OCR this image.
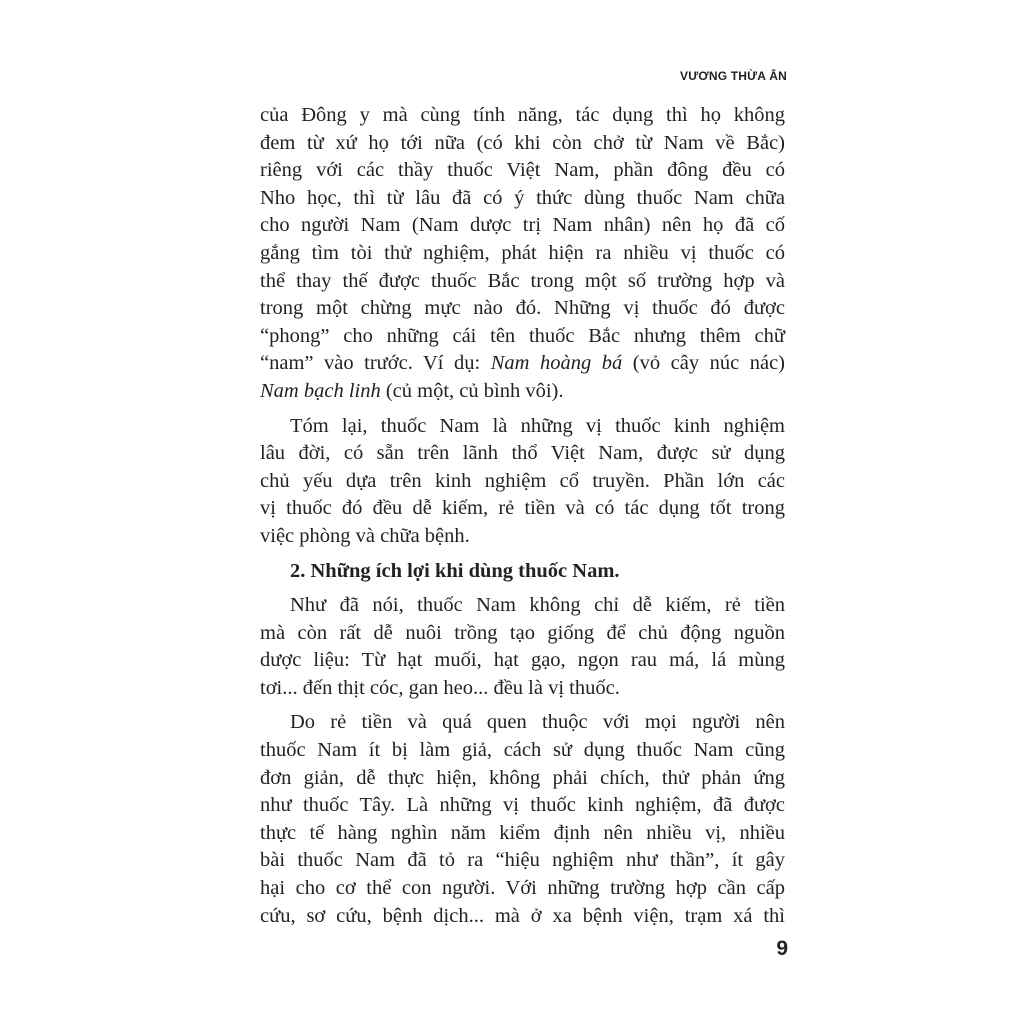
VƯƠNG THỪA ÂN

của Đông y mà cùng tính năng, tác dụng thì họ không
đem từ xứ họ tới nữa (có khi còn chở từ Nam về Bắc)
riêng với các thầy thuốc Việt Nam, phần đông đều có
Nho học, thì từ lâu đã có ý thức dùng thuốc Nam chữa
cho người Nam (Nam dược trị Nam nhân) nên họ đã cố
gắng tìm tòi thử nghiệm, phát hiện ra nhiều vị thuốc có
thể thay thế được thuốc Bắc trong một số trường hợp và
trong một chừng mực nào đó. Những vị thuốc đó được
“phong” cho những cái tên thuốc Bắc nhưng thêm chữ
“nam” vào trước. Ví dụ: Nam hoàng bá (vỏ cây núc nác)
Nam bạch linh (củ một, củ bình vôi).

Tóm lại, thuốc Nam là những vị thuốc kinh nghiệm
lâu đời, có sẵn trên lãnh thổ Việt Nam, được sử dụng
chủ yếu dựa trên kinh nghiệm cổ truyền. Phần lớn các
vị thuốc đó đều dễ kiếm, rẻ tiền và có tác dụng tốt trong
việc phòng và chữa bệnh.

2. Những ích lợi khi dùng thuốc Nam.

Như đã nói, thuốc Nam không chỉ dễ kiếm, rẻ tiền
mà còn rất dễ nuôi trồng tạo giống để chủ động nguồn
dược liệu: Từ hạt muối, hạt gạo, ngọn rau má, lá mùng
tơi... đến thịt cóc, gan heo... đều là vị thuốc.

Do rẻ tiền và quá quen thuộc với mọi người nên
thuốc Nam ít bị làm giả, cách sử dụng thuốc Nam cũng
đơn giản, dễ thực hiện, không phải chích, thử phản ứng
như thuốc Tây. Là những vị thuốc kinh nghiệm, đã được
thực tế hàng nghìn năm kiểm định nên nhiều vị, nhiều
bài thuốc Nam đã tỏ ra “hiệu nghiệm như thần”, ít gây
hại cho cơ thể con người. Với những trường hợp cần cấp
cứu, sơ cứu, bệnh dịch... mà ở xa bệnh viện, trạm xá thì

9
